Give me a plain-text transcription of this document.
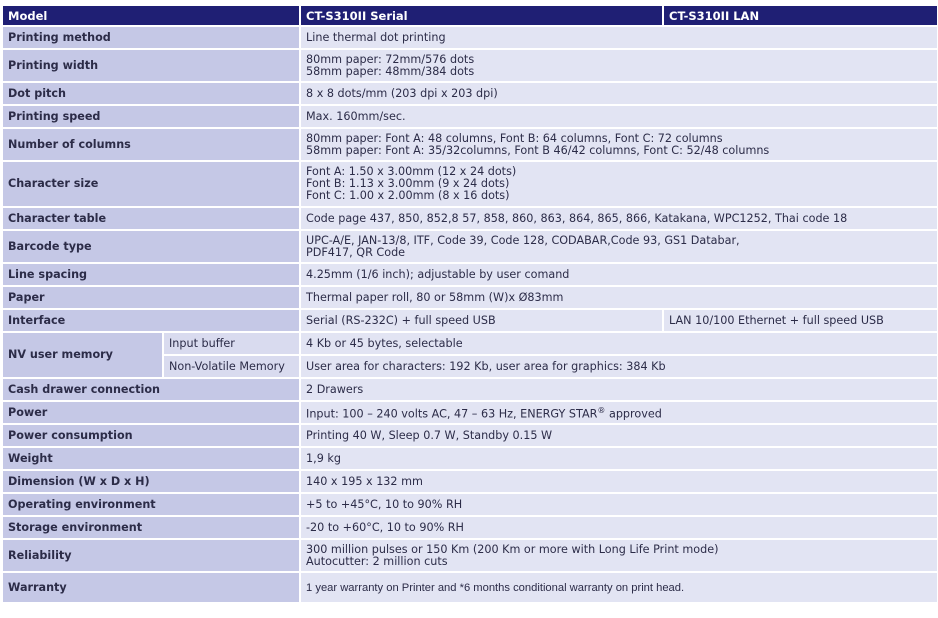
Model		CT-S310II Serial	CT-S310II LAN
Printing method		Line thermal dot printing	
Printing width		80mm paper: 72mm/576 dots
58mm paper: 48mm/384 dots	

Dot pitch		8 x 8 dots/mm (203 dpi x 203 dpi)	
Printing speed		Max. 160mm/sec.	
Number of columns		80mm paper: Font A: 48 columns, Font B: 64 columns, Font C: 72 columns
58mm paper: Font A: 35/32columns, Font B 46/42 columns, Font C: 52/48 columns	

Character size		Font A: 1.50 x 3.00mm (12 x 24 dots)
Font B: 1.13 x 3.00mm (9 x 24 dots)
Font C: 1.00 x 2.00mm (8 x 16 dots)	

Character table		Code page 437, 850, 852,8 57, 858, 860, 863, 864, 865, 866, Katakana, WPC1252, Thai code 18	
Barcode type		UPC-A/E, JAN-13/8, ITF, Code 39, Code 128, CODABAR,Code 93, GS1 Databar,
PDF417, QR Code	

Line spacing		4.25mm (1/6 inch); adjustable by user comand	
Paper		Thermal paper roll, 80 or 58mm (W)x Ø83mm	
Interface		Serial (RS-232C) + full speed USB	LAN 10/100 Ethernet + full speed USB
NV user memory	Input buffer	4 Kb or 45 bytes, selectable	
	Non-Volatile Memory	User area for characters: 192 Kb, user area for graphics: 384 Kb	
Cash drawer connection		2 Drawers	
Power		Input: 100 – 240 volts AC, 47 – 63 Hz, ENERGY STAR® approved	
Power consumption		Printing 40 W, Sleep 0.7 W, Standby 0.15 W	
Weight		1,9 kg	
Dimension (W x D x H)		140 x 195 x 132 mm	
Operating environment		+5 to +45°C, 10 to 90% RH	
Storage environment		-20 to +60°C, 10 to 90% RH	
Reliability		300 million pulses or 150 Km (200 Km or more with Long Life Print mode)
Autocutter: 2 million cuts	

Warranty		1 year warranty on Printer and *6 months conditional warranty on print head.	
